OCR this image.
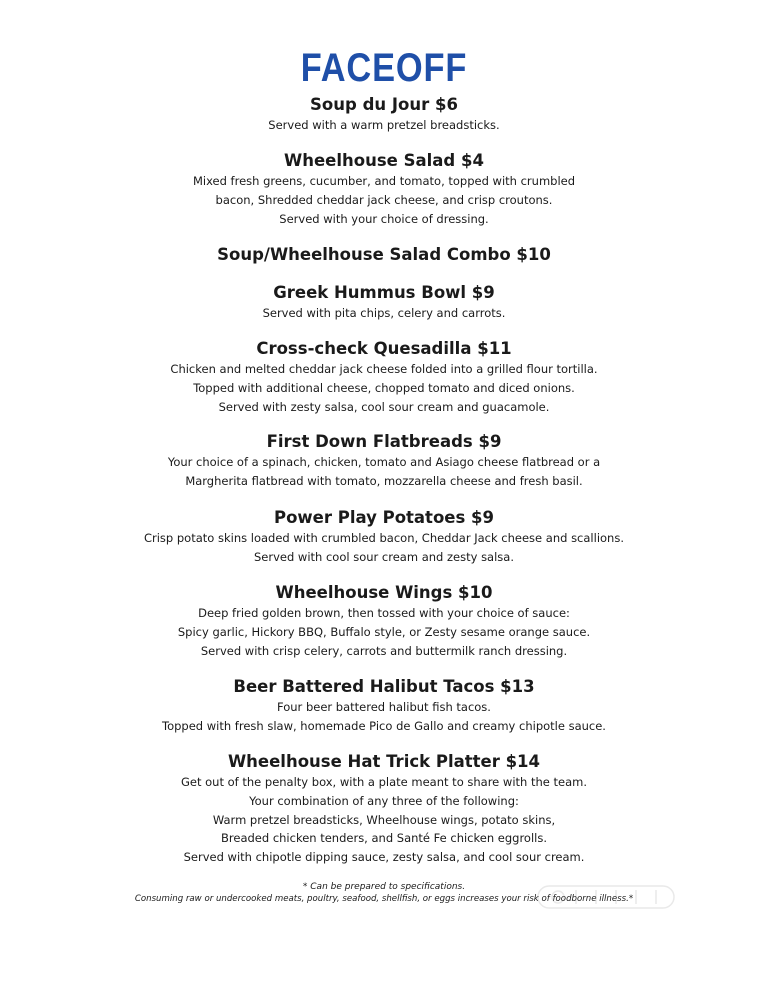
FACEOFF
Soup du Jour $6
Served with a warm pretzel breadsticks.
Wheelhouse Salad $4
Mixed fresh greens, cucumber, and tomato, topped with crumbled
bacon, Shredded cheddar jack cheese, and crisp croutons.
Served with your choice of dressing.
Soup/Wheelhouse Salad Combo $10
Greek Hummus Bowl $9
Served with pita chips, celery and carrots.
Cross-check Quesadilla $11
Chicken and melted cheddar jack cheese folded into a grilled flour tortilla.
Topped with additional cheese, chopped tomato and diced onions.
Served with zesty salsa, cool sour cream and guacamole.
First Down Flatbreads $9
Your choice of a spinach, chicken, tomato and Asiago cheese flatbread or a
Margherita flatbread with tomato, mozzarella cheese and fresh basil.
Power Play Potatoes $9
Crisp potato skins loaded with crumbled bacon, Cheddar Jack cheese and scallions.
Served with cool sour cream and zesty salsa.
Wheelhouse Wings $10
Deep fried golden brown, then tossed with your choice of sauce:
Spicy garlic, Hickory BBQ, Buffalo style, or Zesty sesame orange sauce.
Served with crisp celery, carrots and buttermilk ranch dressing.
Beer Battered Halibut Tacos $13
Four beer battered halibut fish tacos.
Topped with fresh slaw, homemade Pico de Gallo and creamy chipotle sauce.
Wheelhouse Hat Trick Platter $14
Get out of the penalty box, with a plate meant to share with the team.
Your combination of any three of the following:
Warm pretzel breadsticks, Wheelhouse wings, potato skins,
Breaded chicken tenders, and Santé Fe chicken eggrolls.
Served with chipotle dipping sauce, zesty salsa, and cool sour cream.
* Can be prepared to specifications.
Consuming raw or undercooked meats, poultry, seafood, shellfish, or eggs increases your risk of foodborne illness.*
